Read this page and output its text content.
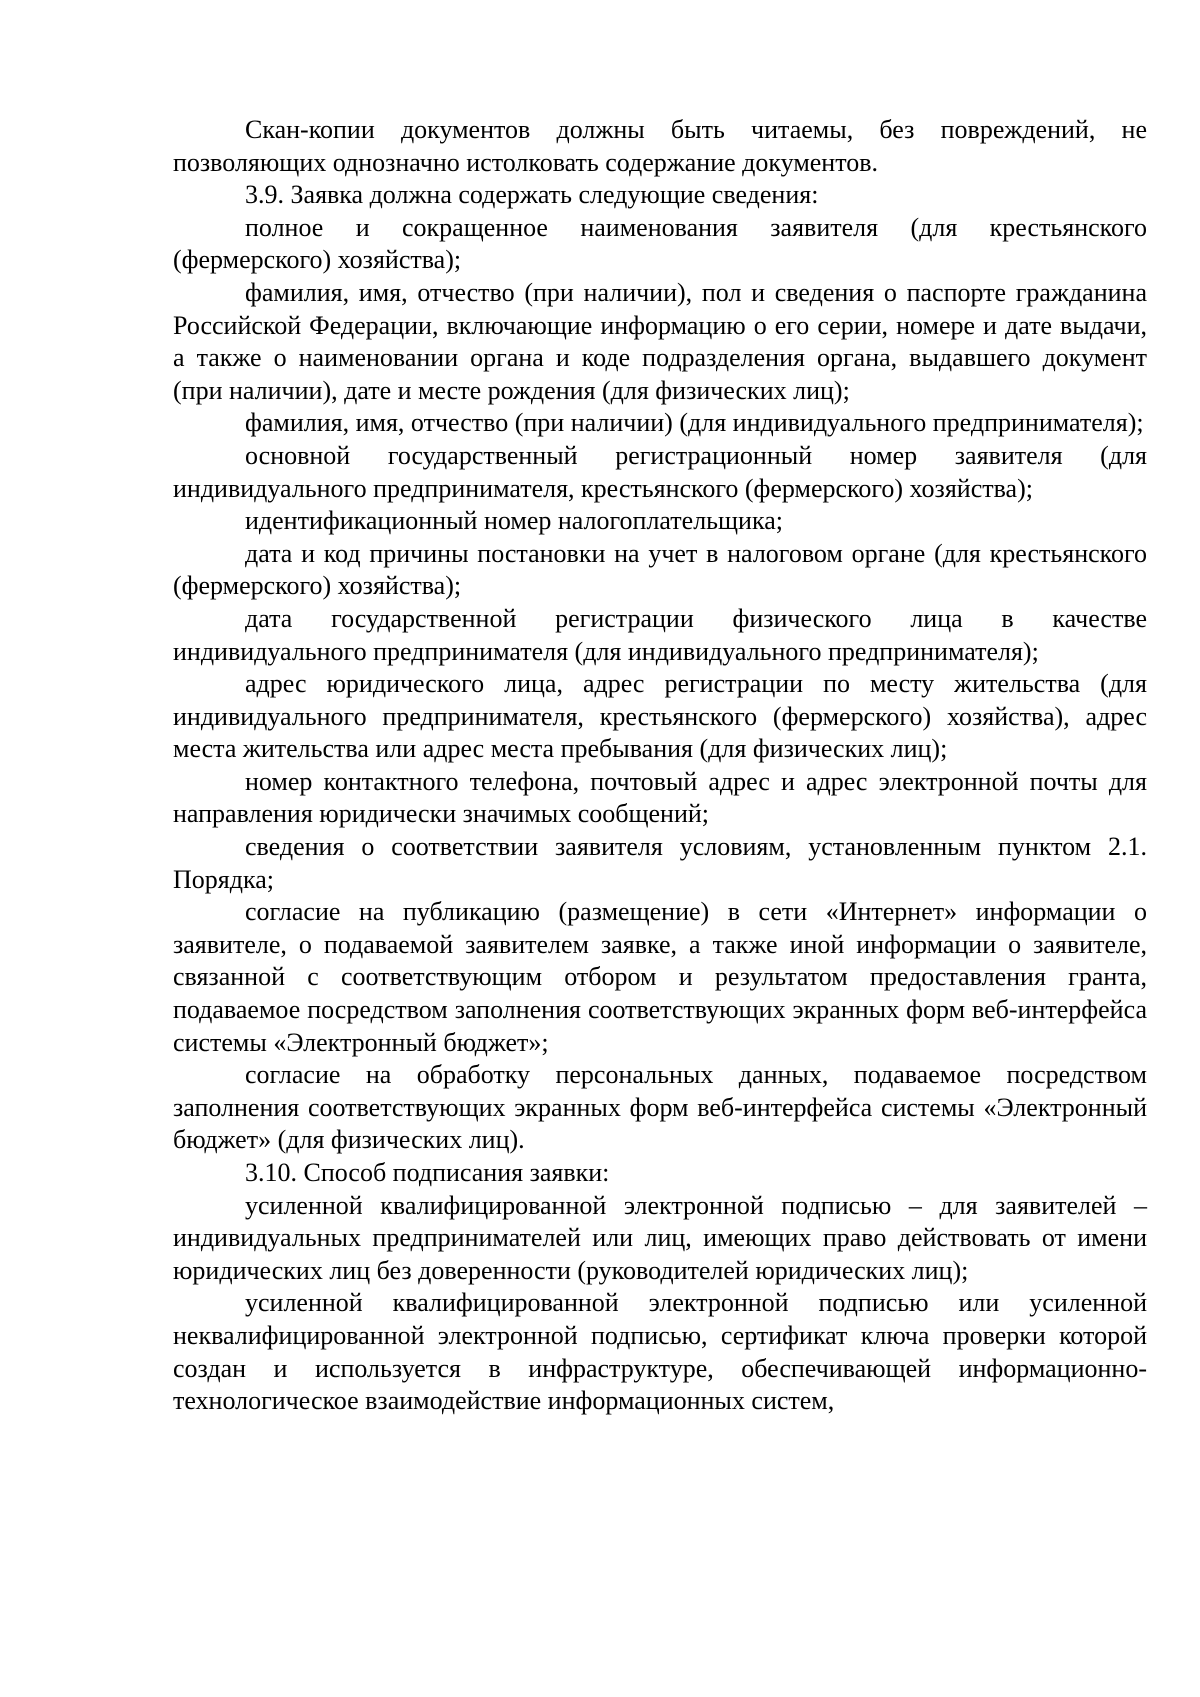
Скан-копии документов должны быть читаемы, без повреждений, не позволяющих однозначно истолковать содержание документов.

3.9. Заявка должна содержать следующие сведения:

полное и сокращенное наименования заявителя (для крестьянского (фермерского) хозяйства);

фамилия, имя, отчество (при наличии), пол и сведения о паспорте гражданина Российской Федерации, включающие информацию о его серии, номере и дате выдачи, а также о наименовании органа и коде подразделения органа, выдавшего документ (при наличии), дате и месте рождения (для физических лиц);

фамилия, имя, отчество (при наличии) (для индивидуального предпринимателя);

основной государственный регистрационный номер заявителя (для индивидуального предпринимателя, крестьянского (фермерского) хозяйства);

идентификационный номер налогоплательщика;

дата и код причины постановки на учет в налоговом органе (для крестьянского (фермерского) хозяйства);

дата государственной регистрации физического лица в качестве индивидуального предпринимателя (для индивидуального предпринимателя);

адрес юридического лица, адрес регистрации по месту жительства (для индивидуального предпринимателя, крестьянского (фермерского) хозяйства), адрес места жительства или адрес места пребывания (для физических лиц);

номер контактного телефона, почтовый адрес и адрес электронной почты для направления юридически значимых сообщений;

сведения о соответствии заявителя условиям, установленным пунктом 2.1. Порядка;

согласие на публикацию (размещение) в сети «Интернет» информации о заявителе, о подаваемой заявителем заявке, а также иной информации о заявителе, связанной с соответствующим отбором и результатом предоставления гранта, подаваемое посредством заполнения соответствующих экранных форм веб-интерфейса системы «Электронный бюджет»;

согласие на обработку персональных данных, подаваемое посредством заполнения соответствующих экранных форм веб-интерфейса системы «Электронный бюджет» (для физических лиц).

3.10. Способ подписания заявки:

усиленной квалифицированной электронной подписью – для заявителей – индивидуальных предпринимателей или лиц, имеющих право действовать от имени юридических лиц без доверенности (руководителей юридических лиц);

усиленной квалифицированной электронной подписью или усиленной неквалифицированной электронной подписью, сертификат ключа проверки которой создан и используется в инфраструктуре, обеспечивающей информационно-технологическое взаимодействие информационных систем,
